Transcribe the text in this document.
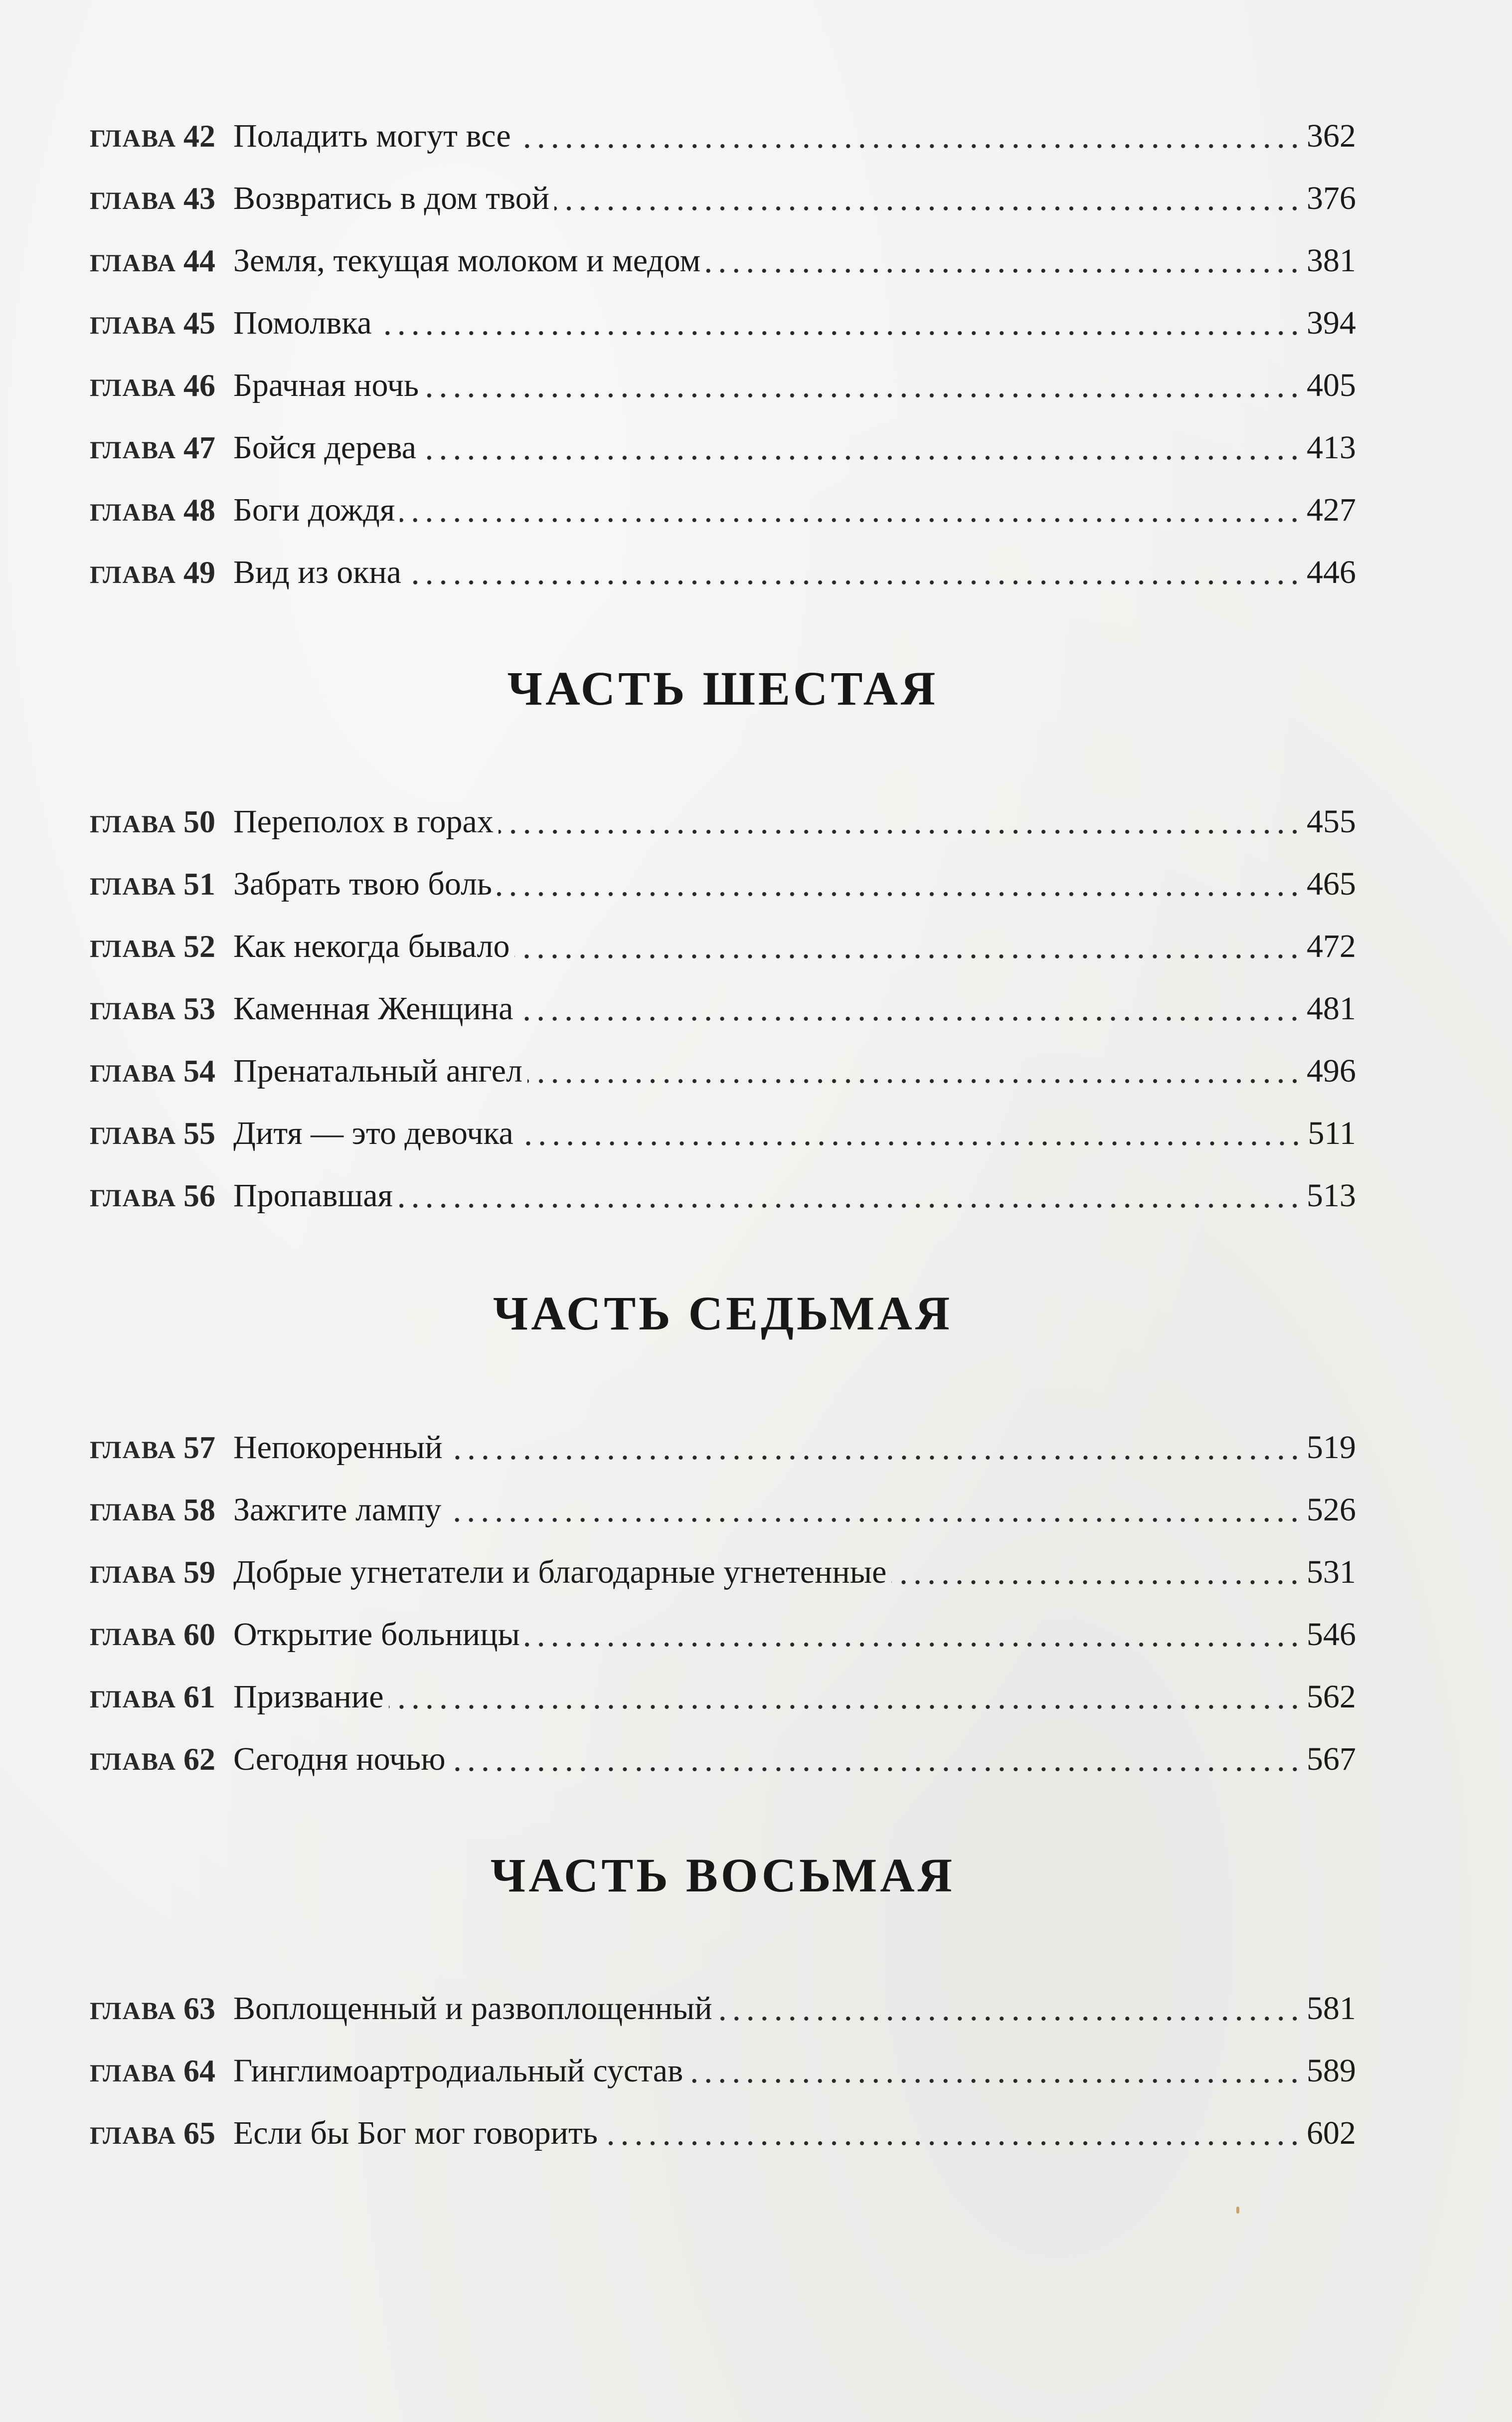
глава 42 Поладить могут все	362
глава 43 Возвратись в дом твой	376
глава 44 Земля, текущая молоком и медом	381
глава 45 Помолвка	394
глава 46 Брачная ночь	405
глава 47 Бойся дерева	413
глава 48 Боги дождя	427
глава 49 Вид из окна	446
ЧАСТЬ ШЕСТАЯ
глава 50 Переполох в горах	455
глава 51 Забрать твою боль	465
глава 52 Как некогда бывало	472
глава 53 Каменная Женщина	481
глава 54 Пренатальный ангел	496
глава 55 Дитя — это девочка	511
глава 56 Пропавшая	513
ЧАСТЬ СЕДЬМАЯ
глава 57 Непокоренный	519
глава 58 Зажгите лампу	526
глава 59 Добрые угнетатели и благодарные угнетенные	531
глава 60 Открытие больницы	546
глава 61 Призвание	562
глава 62 Сегодня ночью	567
ЧАСТЬ ВОСЬМАЯ
глава 63 Воплощенный и развоплощенный	581
глава 64 Гинглимоартродиальный сустав	589
глава 65 Если бы Бог мог говорить	602
